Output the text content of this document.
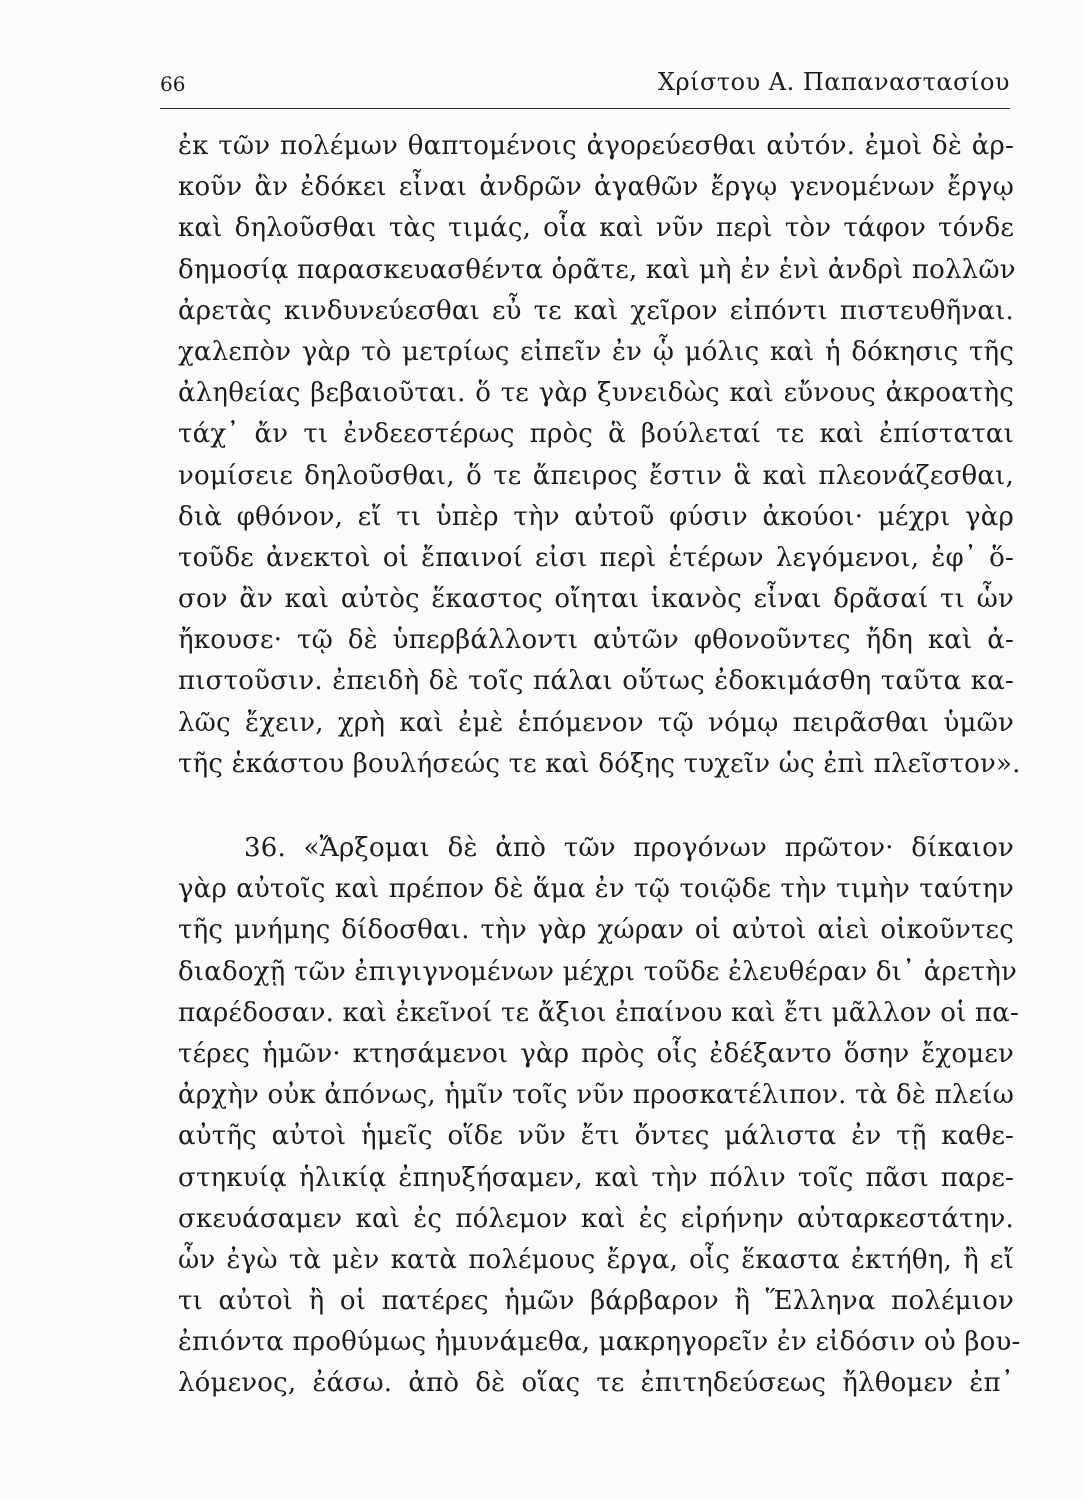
66	Χρίστου Α. Παπαναστασίου
ἐκ τῶν πολέμων θαπτομένοις ἀγορεύεσθαι αὐτόν. ἐμοὶ δὲ ἀρ-
κοῦν ἂν ἐδόκει εἶναι ἀνδρῶν ἀγαθῶν ἔργῳ γενομένων ἔργῳ
καὶ δηλοῦσθαι τὰς τιμάς, οἷα καὶ νῦν περὶ τὸν τάφον τόνδε
δημοσίᾳ παρασκευασθέντα ὁρᾶτε, καὶ μὴ ἐν ἑνὶ ἀνδρὶ πολλῶν
ἀρετὰς κινδυνεύεσθαι εὖ τε καὶ χεῖρον εἰπόντι πιστευθῆναι.
χαλεπὸν γὰρ τὸ μετρίως εἰπεῖν ἐν ᾧ μόλις καὶ ἡ δόκησις τῆς
ἀληθείας βεβαιοῦται. ὅ τε γὰρ ξυνειδὼς καὶ εὔνους ἀκροατὴς
τάχ᾽ ἄν τι ἐνδεεστέρως πρὸς ἃ βούλεταί τε καὶ ἐπίσταται
νομίσειε δηλοῦσθαι, ὅ τε ἄπειρος ἔστιν ἃ καὶ πλεονάζεσθαι,
διὰ φθόνον, εἴ τι ὑπὲρ τὴν αὐτοῦ φύσιν ἀκούοι· μέχρι γὰρ
τοῦδε ἀνεκτοὶ οἱ ἔπαινοί εἰσι περὶ ἑτέρων λεγόμενοι, ἐφ᾽ ὅ-
σον ἂν καὶ αὐτὸς ἕκαστος οἴηται ἱκανὸς εἶναι δρᾶσαί τι ὧν
ἤκουσε· τῷ δὲ ὑπερβάλλοντι αὐτῶν φθονοῦντες ἤδη καὶ ἀ-
πιστοῦσιν. ἐπειδὴ δὲ τοῖς πάλαι οὕτως ἐδοκιμάσθη ταῦτα κα-
λῶς ἔχειν, χρὴ καὶ ἐμὲ ἑπόμενον τῷ νόμῳ πειρᾶσθαι ὑμῶν
τῆς ἑκάστου βουλήσεώς τε καὶ δόξης τυχεῖν ὡς ἐπὶ πλεῖστον».
36. «Ἄρξομαι δὲ ἀπὸ τῶν προγόνων πρῶτον· δίκαιον
γὰρ αὐτοῖς καὶ πρέπον δὲ ἅμα ἐν τῷ τοιῷδε τὴν τιμὴν ταύτην
τῆς μνήμης δίδοσθαι. τὴν γὰρ χώραν οἱ αὐτοὶ αἰεὶ οἰκοῦντες
διαδοχῇ τῶν ἐπιγιγνομένων μέχρι τοῦδε ἐλευθέραν δι᾽ ἀρετὴν
παρέδοσαν. καὶ ἐκεῖνοί τε ἄξιοι ἐπαίνου καὶ ἔτι μᾶλλον οἱ πα-
τέρες ἡμῶν· κτησάμενοι γὰρ πρὸς οἷς ἐδέξαντο ὅσην ἔχομεν
ἀρχὴν οὐκ ἀπόνως, ἡμῖν τοῖς νῦν προσκατέλιπον. τὰ δὲ πλείω
αὐτῆς αὐτοὶ ἡμεῖς οἵδε νῦν ἔτι ὄντες μάλιστα ἐν τῇ καθε-
στηκυίᾳ ἡλικίᾳ ἐπηυξήσαμεν, καὶ τὴν πόλιν τοῖς πᾶσι παρε-
σκευάσαμεν καὶ ἐς πόλεμον καὶ ἐς εἰρήνην αὐταρκεστάτην.
ὧν ἐγὼ τὰ μὲν κατὰ πολέμους ἔργα, οἷς ἕκαστα ἐκτήθη, ἢ εἴ
τι αὐτοὶ ἢ οἱ πατέρες ἡμῶν βάρβαρον ἢ Ἕλληνα πολέμιον
ἐπιόντα προθύμως ἠμυνάμεθα, μακρηγορεῖν ἐν εἰδόσιν οὐ βου-
λόμενος, ἐάσω. ἀπὸ δὲ οἵας τε ἐπιτηδεύσεως ἤλθομεν ἐπ᾽
